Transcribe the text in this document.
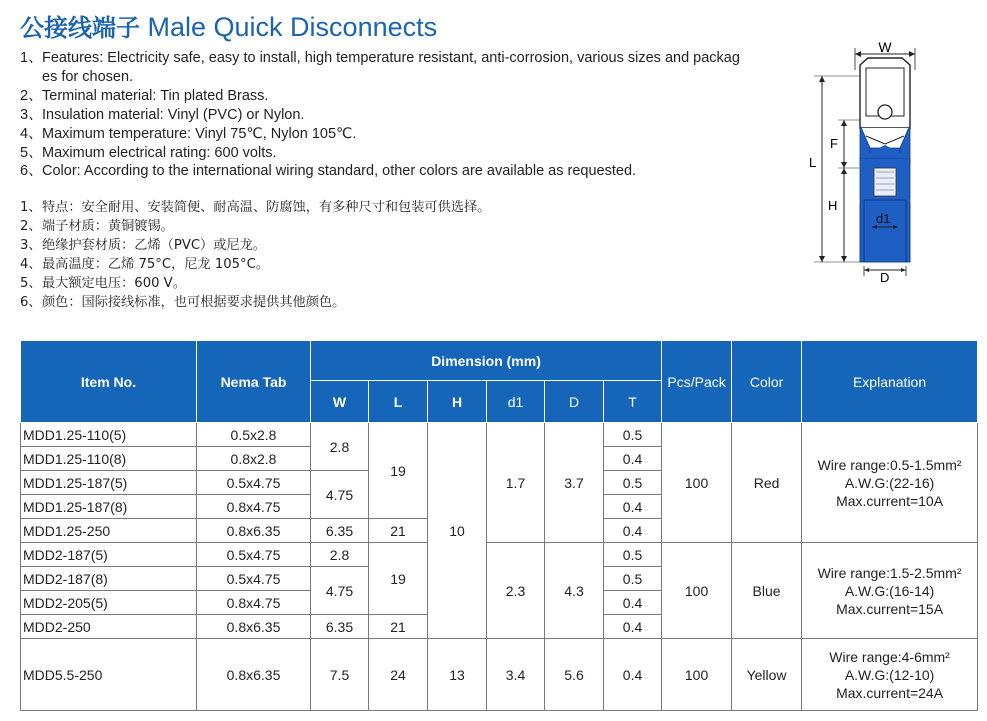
公接线端子 Male Quick Disconnects
1、 Features: Electricity safe, easy to install, high temperature resistant, anti-corrosion, various sizes and packag
es for chosen.
2、 Terminal material: Tin plated Brass.
3、 Insulation material: Vinyl (PVC) or Nylon.
4、 Maximum temperature: Vinyl 75℃, Nylon 105℃.
5、 Maximum electrical rating: 600 volts.
6、 Color: According to the international wiring standard, other colors are available as requested.
1、 特点：安全耐用、安装简便、耐高温、防腐蚀，有多种尺寸和包装可供选择。
2、 端子材质：黄铜镀锡。
3、 绝缘护套材质：乙烯（PVC）或尼龙。
4、 最高温度：乙烯 75°C，尼龙 105°C。
5、 最大额定电压：600 V。
6、 颜色：国际接线标准，也可根据要求提供其他颜色。
W
L
F
H
d1
D
Item No.	Nema Tab	Dimension (mm)						Pcs/Pack	Color	Explanation
		W	L	H	d1	D	T			
MDD1.25-110(5)	0.5x2.8	2.8	19	10	1.7	3.7	0.5	100	Red	Wire range:0.5-1.5mm²
A.W.G:(22-16)
Max.current=10A

MDD1.25-110(8)	0.8x2.8						0.4			
MDD1.25-187(5)	0.5x4.75	4.75					0.5			
MDD1.25-187(8)	0.8x4.75						0.4			
MDD1.25-250	0.8x6.35	6.35	21				0.4			
MDD2-187(5)	0.5x4.75	2.8	19		2.3	4.3	0.5	100	Blue	Wire range:1.5-2.5mm²
A.W.G:(16-14)
Max.current=15A

MDD2-187(8)	0.5x4.75	4.75					0.5			
MDD2-205(5)	0.8x4.75						0.4			
MDD2-250	0.8x6.35	6.35	21				0.4			
MDD5.5-250	0.8x6.35	7.5	24	13	3.4	5.6	0.4	100	Yellow	Wire range:4-6mm²
A.W.G:(12-10)
Max.current=24A
